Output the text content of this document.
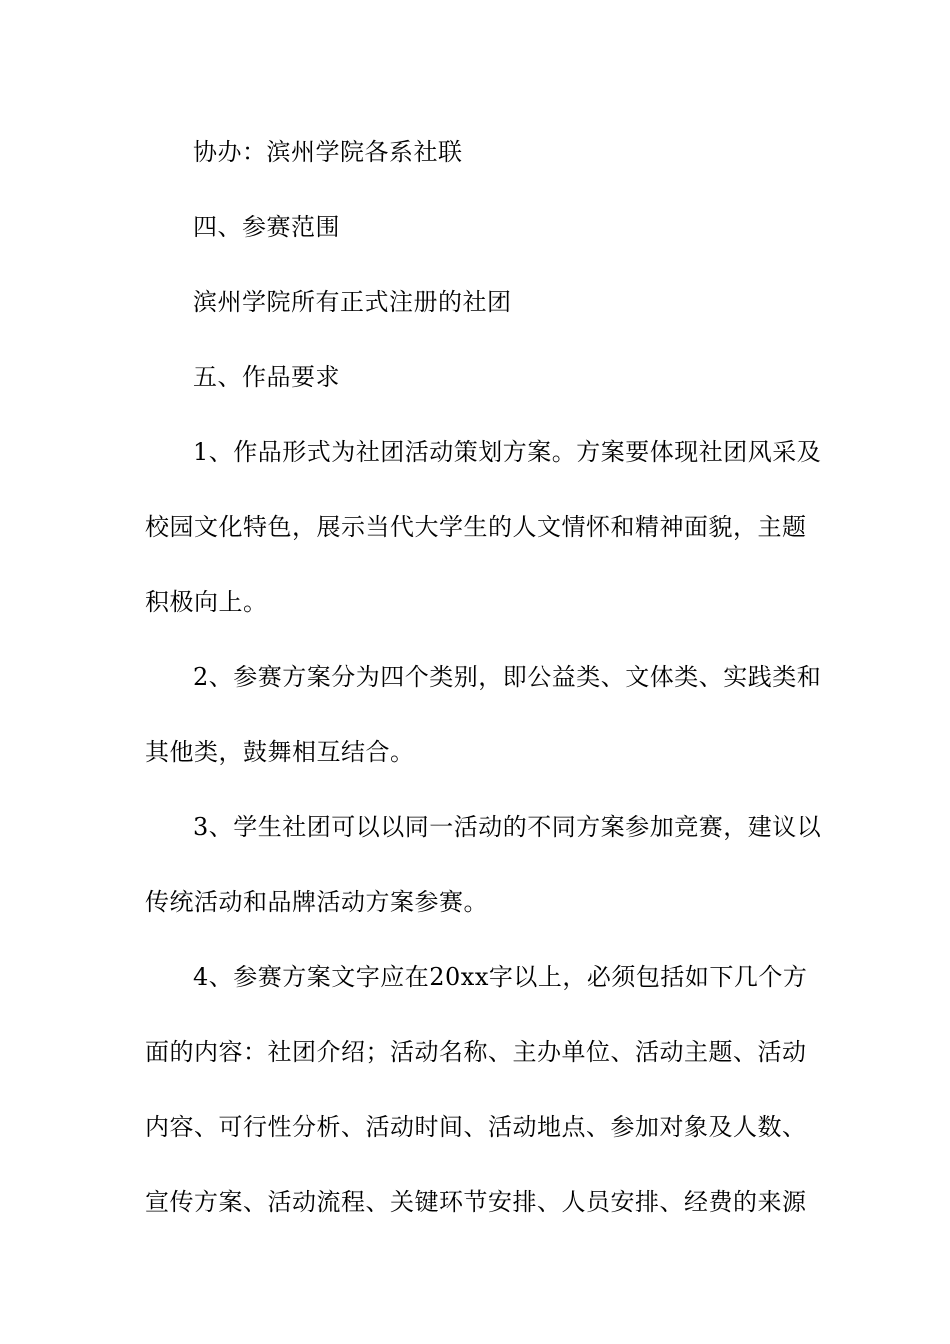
协办：滨州学院各系社联
四、参赛范围
滨州学院所有正式注册的社团
五、作品要求
1、作品形式为社团活动策划方案。方案要体现社团风采及
校园文化特色，展示当代大学生的人文情怀和精神面貌，主题
积极向上。
2、参赛方案分为四个类别，即公益类、文体类、实践类和
其他类，鼓舞相互结合。
3、学生社团可以以同一活动的不同方案参加竞赛，建议以
传统活动和品牌活动方案参赛。
4、参赛方案文字应在20xx字以上，必须包括如下几个方
面的内容：社团介绍；活动名称、主办单位、活动主题、活动
内容、可行性分析、活动时间、活动地点、参加对象及人数、
宣传方案、活动流程、关键环节安排、人员安排、经费的来源
